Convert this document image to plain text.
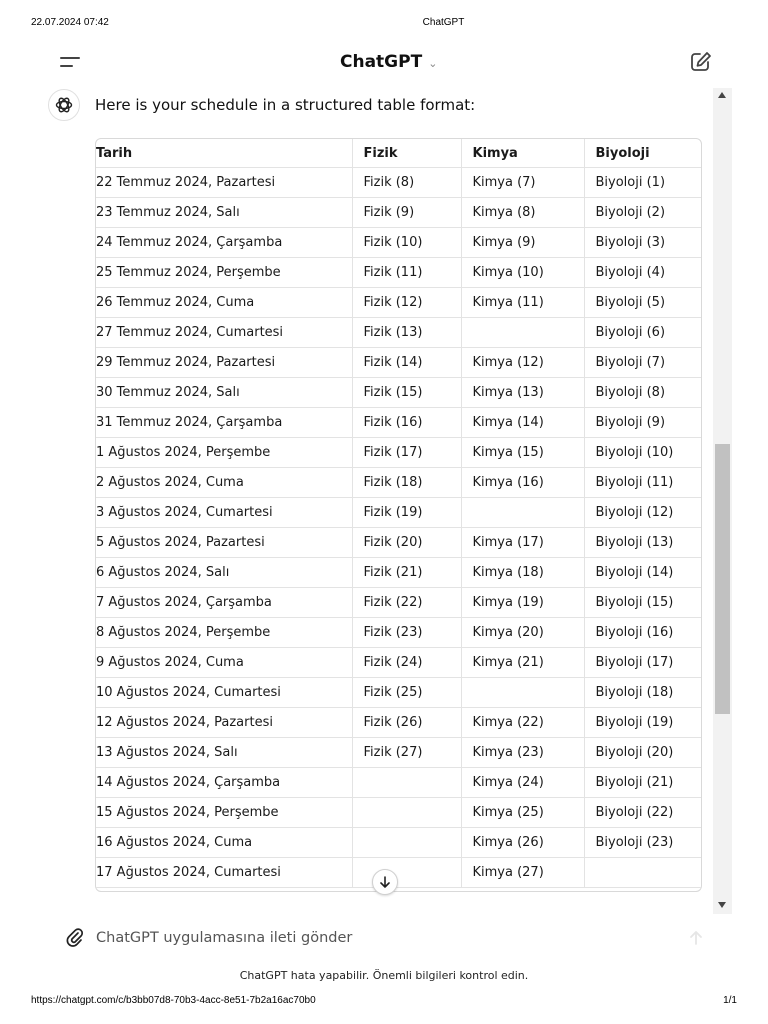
22.07.2024 07:42	ChatGPT
ChatGPT ⌄
Here is your schedule in a structured table format:
Tarih	Fizik	Kimya	Biyoloji
22 Temmuz 2024, Pazartesi	Fizik (8)	Kimya (7)	Biyoloji (1)
23 Temmuz 2024, Salı	Fizik (9)	Kimya (8)	Biyoloji (2)
24 Temmuz 2024, Çarşamba	Fizik (10)	Kimya (9)	Biyoloji (3)
25 Temmuz 2024, Perşembe	Fizik (11)	Kimya (10)	Biyoloji (4)
26 Temmuz 2024, Cuma	Fizik (12)	Kimya (11)	Biyoloji (5)
27 Temmuz 2024, Cumartesi	Fizik (13)		Biyoloji (6)
29 Temmuz 2024, Pazartesi	Fizik (14)	Kimya (12)	Biyoloji (7)
30 Temmuz 2024, Salı	Fizik (15)	Kimya (13)	Biyoloji (8)
31 Temmuz 2024, Çarşamba	Fizik (16)	Kimya (14)	Biyoloji (9)
1 Ağustos 2024, Perşembe	Fizik (17)	Kimya (15)	Biyoloji (10)
2 Ağustos 2024, Cuma	Fizik (18)	Kimya (16)	Biyoloji (11)
3 Ağustos 2024, Cumartesi	Fizik (19)		Biyoloji (12)
5 Ağustos 2024, Pazartesi	Fizik (20)	Kimya (17)	Biyoloji (13)
6 Ağustos 2024, Salı	Fizik (21)	Kimya (18)	Biyoloji (14)
7 Ağustos 2024, Çarşamba	Fizik (22)	Kimya (19)	Biyoloji (15)
8 Ağustos 2024, Perşembe	Fizik (23)	Kimya (20)	Biyoloji (16)
9 Ağustos 2024, Cuma	Fizik (24)	Kimya (21)	Biyoloji (17)
10 Ağustos 2024, Cumartesi	Fizik (25)		Biyoloji (18)
12 Ağustos 2024, Pazartesi	Fizik (26)	Kimya (22)	Biyoloji (19)
13 Ağustos 2024, Salı	Fizik (27)	Kimya (23)	Biyoloji (20)
14 Ağustos 2024, Çarşamba		Kimya (24)	Biyoloji (21)
15 Ağustos 2024, Perşembe		Kimya (25)	Biyoloji (22)
16 Ağustos 2024, Cuma		Kimya (26)	Biyoloji (23)
17 Ağustos 2024, Cumartesi		Kimya (27)	
ChatGPT uygulamasına ileti gönder
ChatGPT hata yapabilir. Önemli bilgileri kontrol edin.
https://chatgpt.com/c/b3bb07d8-70b3-4acc-8e51-7b2a16ac70b0	1/1
